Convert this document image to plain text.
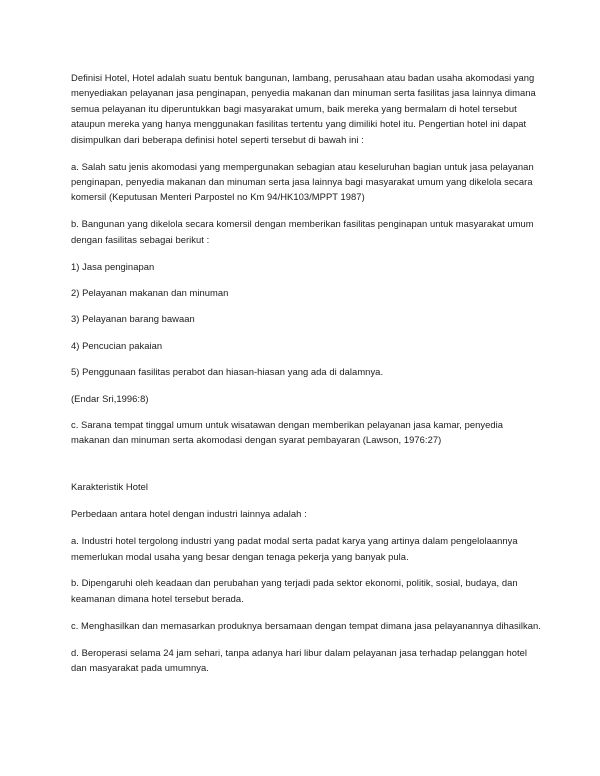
Definisi Hotel, Hotel adalah suatu bentuk bangunan, lambang, perusahaan atau badan usaha akomodasi yang menyediakan pelayanan jasa penginapan, penyedia makanan dan minuman serta fasilitas jasa lainnya dimana semua pelayanan itu diperuntukkan bagi masyarakat umum, baik mereka yang bermalam di hotel tersebut ataupun mereka yang hanya menggunakan fasilitas tertentu yang dimiliki hotel itu. Pengertian hotel ini dapat disimpulkan dari beberapa definisi hotel seperti tersebut di bawah ini :

a. Salah satu jenis akomodasi yang mempergunakan sebagian atau keseluruhan bagian untuk jasa pelayanan penginapan, penyedia makanan dan minuman serta jasa lainnya bagi masyarakat umum yang dikelola secara komersil (Keputusan Menteri Parpostel no Km 94/HK103/MPPT 1987)

b. Bangunan yang dikelola secara komersil dengan memberikan fasilitas penginapan untuk masyarakat umum dengan fasilitas sebagai berikut :

1) Jasa penginapan

2) Pelayanan makanan dan minuman

3) Pelayanan barang bawaan

4) Pencucian pakaian

5) Penggunaan fasilitas perabot dan hiasan-hiasan yang ada di dalamnya.

(Endar Sri,1996:8)

c. Sarana tempat tinggal umum untuk wisatawan dengan memberikan pelayanan jasa kamar, penyedia makanan dan minuman serta akomodasi dengan syarat pembayaran (Lawson, 1976:27)

Karakteristik Hotel

Perbedaan antara hotel dengan industri lainnya adalah :

a. Industri hotel tergolong industri yang padat modal serta padat karya yang artinya dalam pengelolaannya memerlukan modal usaha yang besar dengan tenaga pekerja yang banyak pula.

b. Dipengaruhi oleh keadaan dan perubahan yang terjadi pada sektor ekonomi, politik, sosial, budaya, dan keamanan dimana hotel tersebut berada.

c. Menghasilkan dan memasarkan produknya bersamaan dengan tempat dimana jasa pelayanannya dihasilkan.

d. Beroperasi selama 24 jam sehari, tanpa adanya hari libur dalam pelayanan jasa terhadap pelanggan hotel dan masyarakat pada umumnya.
